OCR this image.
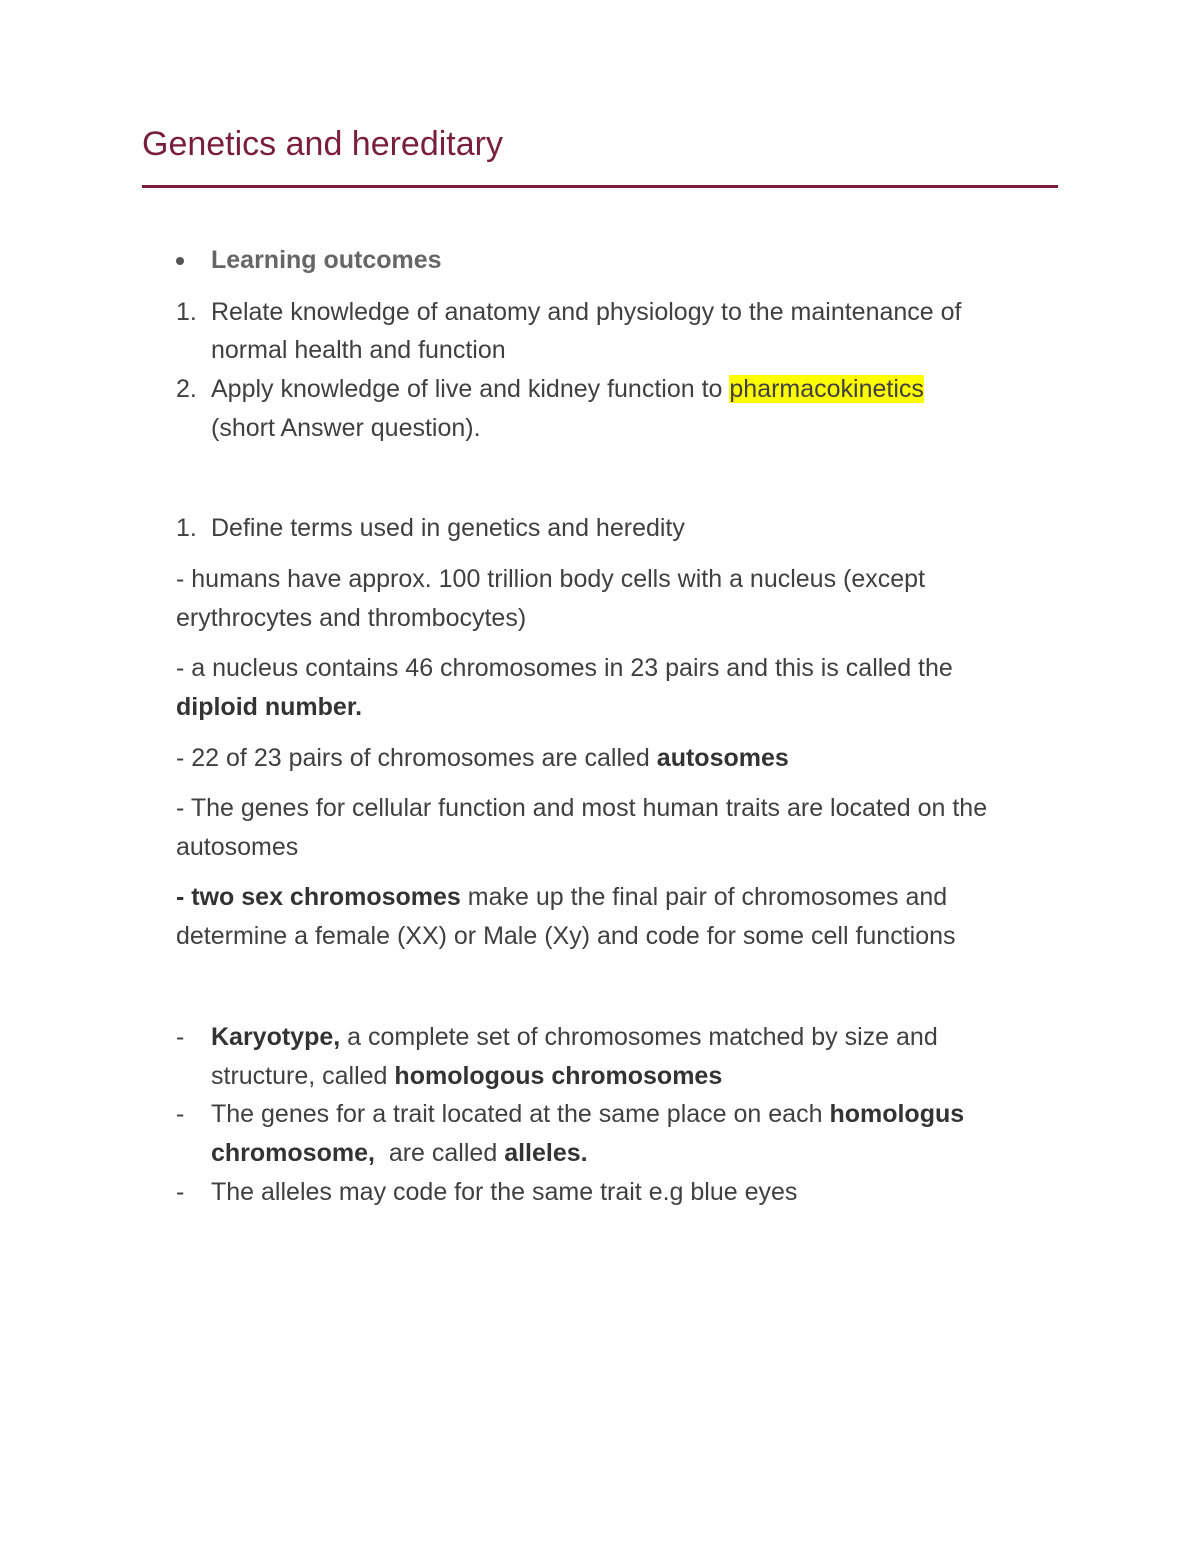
Genetics and hereditary
Learning outcomes
1. Relate knowledge of anatomy and physiology to the maintenance of
normal health and function
2. Apply knowledge of live and kidney function to pharmacokinetics
(short Answer question).
1. Define terms used in genetics and heredity
- humans have approx. 100 trillion body cells with a nucleus (except
erythrocytes and thrombocytes)
- a nucleus contains 46 chromosomes in 23 pairs and this is called the
diploid number.
- 22 of 23 pairs of chromosomes are called autosomes
- The genes for cellular function and most human traits are located on the
autosomes
- two sex chromosomes make up the final pair of chromosomes and
determine a female (XX) or Male (Xy) and code for some cell functions
- Karyotype, a complete set of chromosomes matched by size and
structure, called homologous chromosomes
- The genes for a trait located at the same place on each homologus
chromosome,  are called alleles.
- The alleles may code for the same trait e.g blue eyes
